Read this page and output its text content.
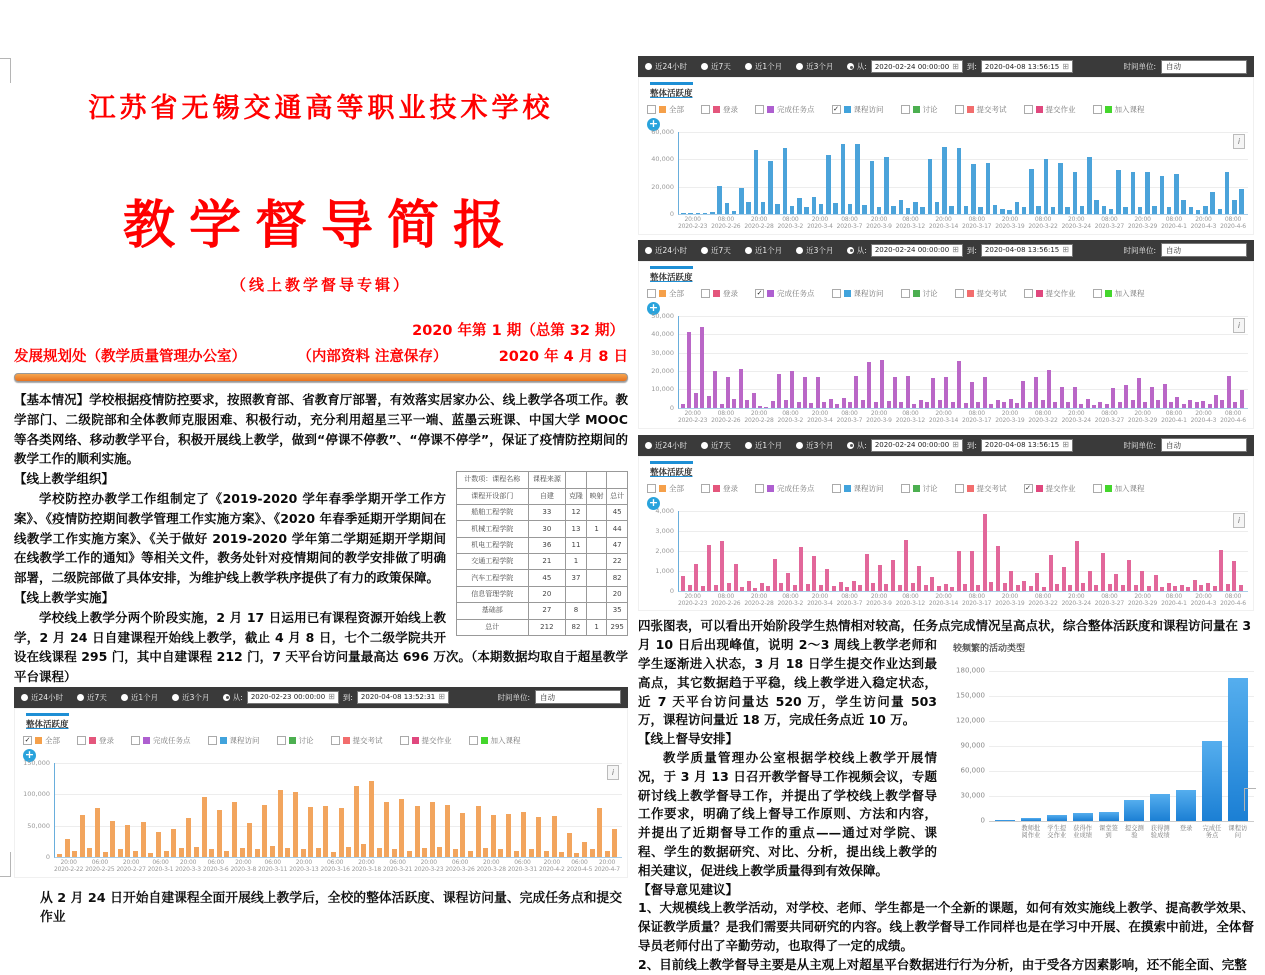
江苏省无锡交通高等职业技术学校
教学督导简报
（线上教学督导专辑）
2020 年第 1 期（总第 32 期）
发展规划处（教学质量管理办公室）	（内部资料 注意保存）	2020 年 4 月 8 日

【基本情况】学校根据疫情防控要求，按照教育部、省教育厅部署，有效落实居家办公、线上教学各项工作。教学部门、二级院部和全体教师克服困难、积极行动，充分利用超星三平一端、蓝墨云班课、中国大学 MOOC 等各类网络、移动教学平台，积极开展线上教学，做到“停课不停教”、“停课不停学”，保证了疫情防控期间的教学工作的顺利实施。

计数项：课程名称	课程来源			
课程开设部门	自建	克隆	映射	总计
船舶工程学院	33	12		45
机械工程学院	30	13	1	44
机电工程学院	36	11		47
交通工程学院	21	1		22
汽车工程学院	45	37		82
信息管理学院	20			20
基础部	27	8		35
总计	212	82	1	295

【线上教学组织】

学校防控办教学工作组制定了《2019-2020 学年春季学期开学工作方案》、《疫情防控期间教学管理工作实施方案》、《2020 年春季延期开学期间在线教学工作实施方案》、《关于做好 2019-2020 学年第二学期延期开学期间在线教学工作的通知》等相关文件，教务处针对疫情期间的教学安排做了明确部署，二级院部做了具体安排，为维护线上教学秩序提供了有力的政策保障。

【线上教学实施】

学校线上教学分两个阶段实施，2 月 17 日运用已有课程资源开始线上教学，2 月 24 日自建课程开始线上教学，截止 4 月 8 日，七个二级学院共开设在线课程 295 门，其中自建课程 212 门，7 天平台访问量最高达 696 万次。（本期数据均取自于超星教学平台课程）

近24小时	近7天	近1个月	近3个月	从:	2020-02-23 00:00:00 ⊞ 到:	2020-04-08 13:52:31 ⊞	时间单位:	自动
整体活跃度
✓ 全部	登录	完成任务点	课程访问	讨论	提交考试	提交作业	加入课程
+
0
50,000
100,000
150,000
i
20:00
2020-2-22
06:00
2020-2-25
20:00
2020-2-27
06:00
2020-3-1
20:00
2020-3-3
06:00
2020-3-6
20:00
2020-3-8
06:00
2020-3-11
20:00
2020-3-13
06:00
2020-3-16
20:00
2020-3-18
06:00
2020-3-21
20:00
2020-3-23
06:00
2020-3-26
20:00
2020-3-28
06:00
2020-3-31
20:00
2020-4-2
06:00
2020-4-5
20:00
2020-4-7

从 2 月 24 日开始自建课程全面开展线上教学后，全校的整体活跃度、课程访问量、完成任务点和提交作业

近24小时	近7天	近1个月	近3个月	从:	2020-02-24 00:00:00 ⊞ 到:	2020-04-08 13:56:15 ⊞	时间单位:	自动
整体活跃度
全部	登录	完成任务点	✓ 课程访问	讨论	提交考试	提交作业	加入课程
+
0
20,000
40,000
60,000
i
20:00
2020-2-23
08:00
2020-2-26
20:00
2020-2-28
08:00
2020-3-2
20:00
2020-3-4
08:00
2020-3-7
20:00
2020-3-9
08:00
2020-3-12
20:00
2020-3-14
08:00
2020-3-17
20:00
2020-3-19
08:00
2020-3-22
20:00
2020-3-24
08:00
2020-3-27
20:00
2020-3-29
08:00
2020-4-1
20:00
2020-4-3
08:00
2020-4-6
近24小时	近7天	近1个月	近3个月	从:	2020-02-24 00:00:00 ⊞ 到:	2020-04-08 13:56:15 ⊞	时间单位:	自动
整体活跃度
全部	登录	✓ 完成任务点	课程访问	讨论	提交考试	提交作业	加入课程
+
0
10,000
20,000
30,000
40,000
50,000
i
20:00
2020-2-23
08:00
2020-2-26
20:00
2020-2-28
08:00
2020-3-2
20:00
2020-3-4
08:00
2020-3-7
20:00
2020-3-9
08:00
2020-3-12
20:00
2020-3-14
08:00
2020-3-17
20:00
2020-3-19
08:00
2020-3-22
20:00
2020-3-24
08:00
2020-3-27
20:00
2020-3-29
08:00
2020-4-1
20:00
2020-4-3
08:00
2020-4-6
近24小时	近7天	近1个月	近3个月	从:	2020-02-24 00:00:00 ⊞ 到:	2020-04-08 13:56:15 ⊞	时间单位:	自动
整体活跃度
全部	登录	完成任务点	课程访问	讨论	提交考试	✓ 提交作业	加入课程
+
0
1,000
2,000
3,000
4,000
i
20:00
2020-2-23
08:00
2020-2-26
20:00
2020-2-28
08:00
2020-3-2
20:00
2020-3-4
08:00
2020-3-7
20:00
2020-3-9
08:00
2020-3-12
20:00
2020-3-14
08:00
2020-3-17
20:00
2020-3-19
08:00
2020-3-22
20:00
2020-3-24
08:00
2020-3-27
20:00
2020-3-29
08:00
2020-4-1
20:00
2020-4-3
08:00
2020-4-6

四张图表，可以看出开始阶段学生热情相对较高，任务点完成情况呈高点状，综合整体活跃度和课程访问量在 3

较频繁的活动类型
0
30,000
60,000
90,000
120,000
150,000
180,000
教师批阅作业
学生提交作业
获得作业成绩
课堂签到
提交测验
获得测验成绩
登录	完成任务点
课程访问

月 10 日后出现峰值，说明 2～3 周线上教学老师和学生逐渐进入状态，3 月 18 日学生提交作业达到最高点，其它数据趋于平稳，线上教学进入稳定状态，近 7 天平台访问量达 520 万，学生访问量 503 万，课程访问量近 18 万，完成任务点近 10 万。

【线上督导安排】

教学质量管理办公室根据学校线上教学开展情况，于 3 月 13 日召开教学督导工作视频会议，专题研讨线上教学督导工作，并提出了学校线上教学督导工作要求，明确了线上督导工作原则、方法和内容，并提出了近期督导工作的重点——通过对学院、课程、学生的数据研究、对比、分析，提出线上教学的相关建议，促进线上教学质量得到有效保障。

【督导意见建议】

1、大规模线上教学活动，对学校、老师、学生都是一个全新的课题，如何有效实施线上教学、提高教学效果、保证教学质量？是我们需要共同研究的内容。线上教学督导工作同样也是在学习中开展、在摸索中前进，全体督导员老师付出了辛勤劳动，也取得了一定的成绩。

2、目前线上教学督导主要是从主观上对超星平台数据进行行为分析，由于受各方因素影响，还不能全面、完整
